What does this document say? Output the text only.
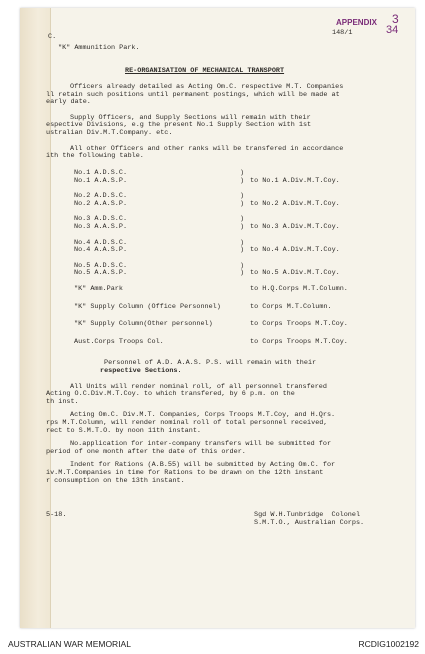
C.
"K" Ammunition Park.
148/1
APPENDIX 3
34
RE-ORGANISATION OF MECHANICAL TRANSPORT
Officers already detailed as Acting Om.C. respective M.T. Companies
ll retain such positions until permanent postings, which will be made at
early date.
Supply Officers, and Supply Sections will remain with their
espective Divisions, e.g the present No.1 Supply Section with 1st
ustralian Div.M.T.Company. etc.
All other Officers and other ranks will be transfered in accordance
ith the following table.
No.1 A.D.S.C.	)
No.1 A.A.S.P.	) to No.1 A.Div.M.T.Coy.
No.2 A.D.S.C.	)
No.2 A.A.S.P.	) to No.2 A.Div.M.T.Coy.
No.3 A.D.S.C.	)
No.3 A.A.S.P.	) to No.3 A.Div.M.T.Coy.
No.4 A.D.S.C.	)
No.4 A.A.S.P.	) to No.4 A.Div.M.T.Coy.
No.5 A.D.S.C.	)
No.5 A.A.S.P.	) to No.5 A.Div.M.T.Coy.
"K" Amm.Park	to H.Q.Corps M.T.Column.
"K" Supply Column (Office Personnel)	to Corps M.T.Column.
"K" Supply Column(Other personnel)	to Corps Troops M.T.Coy.
Aust.Corps Troops Col.	to Corps Troops M.T.Coy.
Personnel of A.D. A.A.S. P.S. will remain with their
respective Sections.
All Units will render nominal roll, of all personnel transfered
Acting O.C.Div.M.T.Coy. to which transfered, by 6 p.m. on the
th inst.
Acting Om.C. Div.M.T. Companies, Corps Troops M.T.Coy, and H.Qrs.
rps M.T.Column, will render nominal roll of total personnel received,
rect to S.M.T.O. by noon 11th instant.
No.application for inter-company transfers will be submitted for
period of one month after the date of this order.
Indent for Rations (A.B.55) will be submitted by Acting Om.C. for
iv.M.T.Companies in time for Rations to be drawn on the 12th instant
r consumption on the 13th instant.
5-18.	Sgd W.H.Tunbridge  Colonel
S.M.T.O., Australian Corps.
AUSTRALIAN WAR MEMORIAL	RCDIG1002192
